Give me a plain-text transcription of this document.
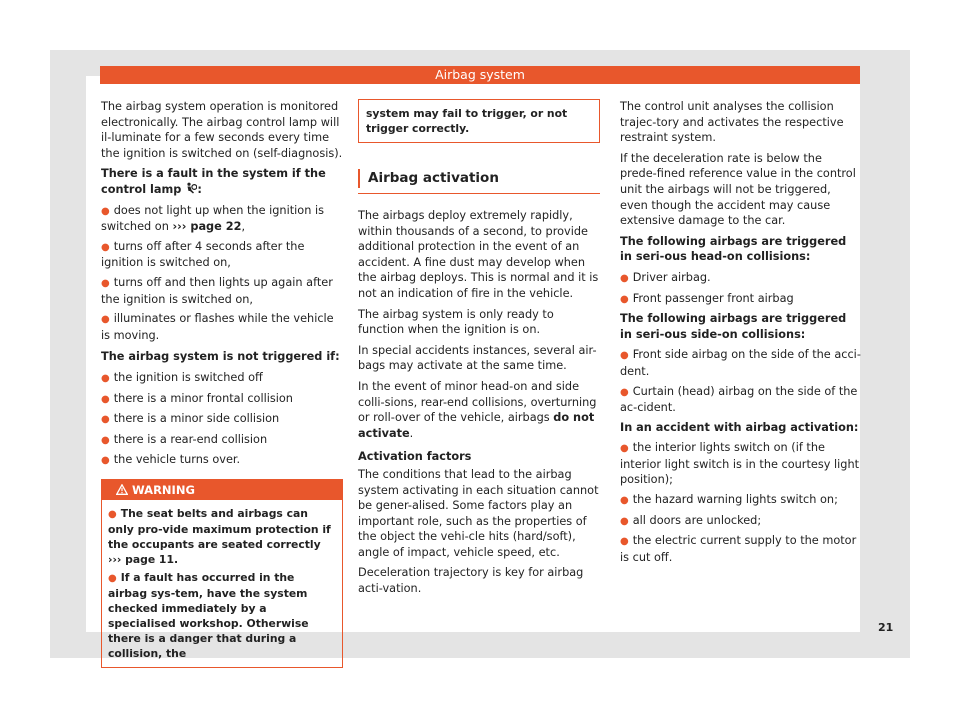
Airbag system

The airbag system operation is monitored electronically. The airbag control lamp will il-luminate for a few seconds every time the ignition is switched on (self-diagnosis).

There is a fault in the system if the control lamp :

● does not light up when the ignition is switched on ››› page 22,

● turns off after 4 seconds after the ignition is switched on,

● turns off and then lights up again after the ignition is switched on,

● illuminates or flashes while the vehicle is moving.

The airbag system is not triggered if:

● the ignition is switched off

● there is a minor frontal collision

● there is a minor side collision

● there is a rear-end collision

● the vehicle turns over.

WARNING

● The seat belts and airbags can only pro-vide maximum protection if the occupants are seated correctly ››› page 11.

● If a fault has occurred in the airbag sys-tem, have the system checked immediately by a specialised workshop. Otherwise there is a danger that during a collision, the

system may fail to trigger, or not trigger correctly.
Airbag activation

The airbags deploy extremely rapidly, within thousands of a second, to provide additional protection in the event of an accident. A fine dust may develop when the airbag deploys. This is normal and it is not an indication of fire in the vehicle.

The airbag system is only ready to function when the ignition is on.

In special accidents instances, several air-bags may activate at the same time.

In the event of minor head-on and side colli-sions, rear-end collisions, overturning or roll-over of the vehicle, airbags do not activate.

Activation factors

The conditions that lead to the airbag system activating in each situation cannot be gener-alised. Some factors play an important role, such as the properties of the object the vehi-cle hits (hard/soft), angle of impact, vehicle speed, etc.

Deceleration trajectory is key for airbag acti-vation.

The control unit analyses the collision trajec-tory and activates the respective restraint system.

If the deceleration rate is below the prede-fined reference value in the control unit the airbags will not be triggered, even though the accident may cause extensive damage to the car.

The following airbags are triggered in seri-ous head-on collisions:

● Driver airbag.

● Front passenger front airbag

The following airbags are triggered in seri-ous side-on collisions:

● Front side airbag on the side of the acci-dent.

● Curtain (head) airbag on the side of the ac-cident.

In an accident with airbag activation:

● the interior lights switch on (if the interior light switch is in the courtesy light position);

● the hazard warning lights switch on;

● all doors are unlocked;

● the electric current supply to the motor is cut off.

21
